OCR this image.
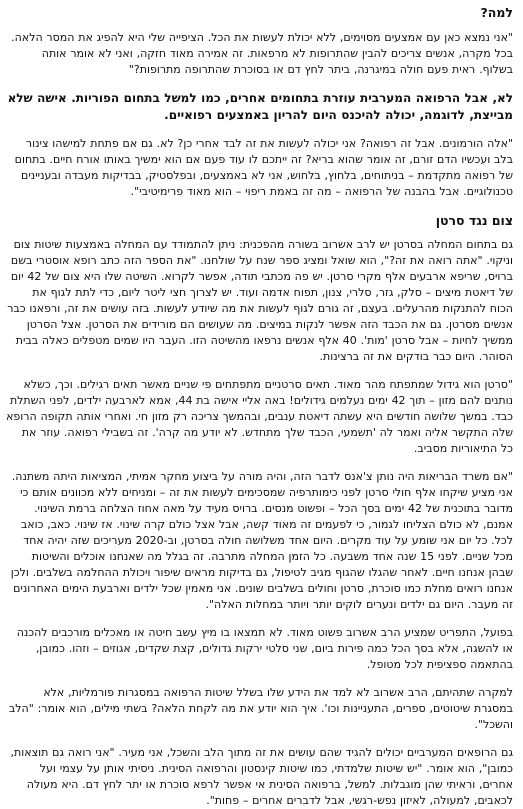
למה?

"אני נמצא כאן עם אמצעים מסוימים, ללא יכולת לעשות את הכל. הציפייה שלי היא להפיג את המסר הלאה. בכל מקרה, אנשים צריכים להבין שהתרופות לא מרפאות. זה אמירה מאוד חזקה, ואני לא אומר אותה בשלוף. ראית פעם חולה במיגרנה, ביתר לחץ דם או בסוכרת שהתרופה מתרופות?"

לא, אבל הרפואה המערבית עוזרת בתחומים אחרים, כמו למשל בתחום הפוריות. אישה שלא מבייצת, לדוגמה, יכולה להיכנס היום להריון באמצעים רפואיים.

"אלה הורמונים. אבל זה רפואה? אני יכולה לעשות את זה לבד אחרי כן? לא. גם אם פתחת למישהו צינור בלב ועכשיו הדם זורם, זה אומר שהוא בריא? זה ייתכם לו עוד פעם אם הוא ימשיך באותו אורח חיים. בתחום של רפואה מתקדמת – בניתוחים, בלחוץ, בלחוש, אני לא באמצעים, ובפלסטיק, בבדיקות מעבדה ובעניינים טכנולוגיים. אבל בהבנה של הרפואה – מה זה באמת ריפוי – הוא מאוד פרימיטיבי".

צום נגד סרטן

גם בתחום המחלה בסרטן יש לרב אשרוב בשורה מהפכנית: ניתן להתמודד עם המחלה באמצעות שיטות צום וניקוי. "אתה רואה את זה?", הוא שואל ומציג ספר שנח על שולחנו. "את הספר הזה כתב רופא אוסטרי בשם ברויס, שריפא ארבעים אלף מקרי סרטן. יש פה מכתבי תודה, אפשר לקרוא. השיטה שלו היא צום של 42 יום של דיאטת מיצים – סלק, גזר, סלרי, צנון, תפוח אדמה ועוד. יש לצרוך חצי ליטר ליום, כדי לתת לגוף את הכוח להתנקות מהרעלים. בעצם, זה גורם לגוף לעשות את מה שיודע לעשות. בזה עושים את זה, ורפאנו כבר אנשים מסרטן. גם את הכבד הזה אפשר לנקות במיצים. מה שעושים הם מורידים את הסרטן. אצל הסרטן ממשיך לחיות – אבל סרטן 'מות'. 40 אלף אנשים נרפאו מהשיטה הזו. העבר היו שמים מטפלים כאלה בבית הסוהר. היום כבר בודקים את זה ברצינות.

"סרטן הוא גידול שמתפתח מהר מאוד. תאים סרטניים מתפתחים פי שניים מאשר תאים רגילים. וכך, כשלא נותנים להם מזון – תוך 42 ימים נעלמים גידולים! באה אליי אישה בת 44, אמא לארבעה ילדים, לפני השתלת כבד. במשך שלושה חודשים היא עשתה דיאטת ענבים, ובהמשך צריכה רק מזון חי. ואחרי אותה תקופה הרופא שלה התקשר אליה ואמר לה 'תשמעי, הכבד שלך מתחדש. לא יודע מה קרה'. זה בשבילי רפואה. עוזר את כל התיאוריות מסביב.

"אם משרד הבריאות היה נותן צ'אנס לדבר הזה, והיה מורה על ביצוע מחקר אמיתי, המציאות היתה משתנה. אני מציע שיקחו אלף חולי סרטן לפני כימותרפיה שמסכימים לעשות את זה – ומניחים ללא מכוונים אותם כי מדובר בתוכנית של 42 ימים בסך הכל – ופשוט מנסים. ברויס מעיד על מאה אחוז הצלחה ברמת השינוי. אמנם, לא כולם הצליחו לגמור, כי לפעמים זה מאוד קשה, אבל אצל כולם קרה שינוי. אז שינוי. כאב, כואב לכל. כל יום אני שומע על עוד מקרים. היום אחד משלושה חולה בסרטן, וב-2020 מעריכים שזה יהיה אחד מכל שניים. לפני 15 שנה אחד משבעה. כל הזמן המחלה מתרבה. זה בגלל מה שאנחנו אוכלים והשיטות שבהן אנחנו חיים. לאחר שהגלו שהגוף מגיב לטיפול, גם בדיקות מראים שיפור ויכולת ההחלמה בשלבים. ולכן אנחנו רואים מחלת כמו סוכרת, סרטן וחולים בשלבים שונים. אני מאמין שכל ילדים וארבעת הימים האחרונים זה מעבר. היום גם ילדים ונערים לוקים יותר ויותר במחלות האלה".

בפועל, התפריט שמציע הרב אשרוב פשוט מאוד. לא תמצאו בו מיץ עשב חיטה או מאכלים מורכבים להכנה או להשגה, אלא בסך הכל כמה פירות ביום, שני סלטי ירקות גדולים, קצת שקדים, אגוזים – וזהו. כמובן, בהתאמה ספציפית לכל מטופל.

למקרה שתהיתם, הרב אשרוב לא למד את הידע שלו בשלל שיטות הרפואה במסגרות פורמליות, אלא במסגרת שיטוטים, ספרים, התעניינות וכו'. איך הוא יודע את מה לקחת הלאה? בשתי מילים, הוא אומר: "הלב והשכל".

גם הרופאים המערביים יכולים להגיד שהם עושים את זה מתוך הלב והשכל, אני מעיר. "אני רואה גם תוצאות, כמובן", הוא אומר. "יש שיטות שלמדתי, כמו שיטות קינסטון והרפואה הסינית. ניסיתי אותן על עצמי ועל אחרים, וראיתי שהן מוגבלות. למשל, ברפואה הסינית אי אפשר לרפא סוכרת או יתר לחץ דם. היא מעולה לכאבים, למעולה, לאיזון נפש-רגשי, אבל לדברים אחרים – פחות".
